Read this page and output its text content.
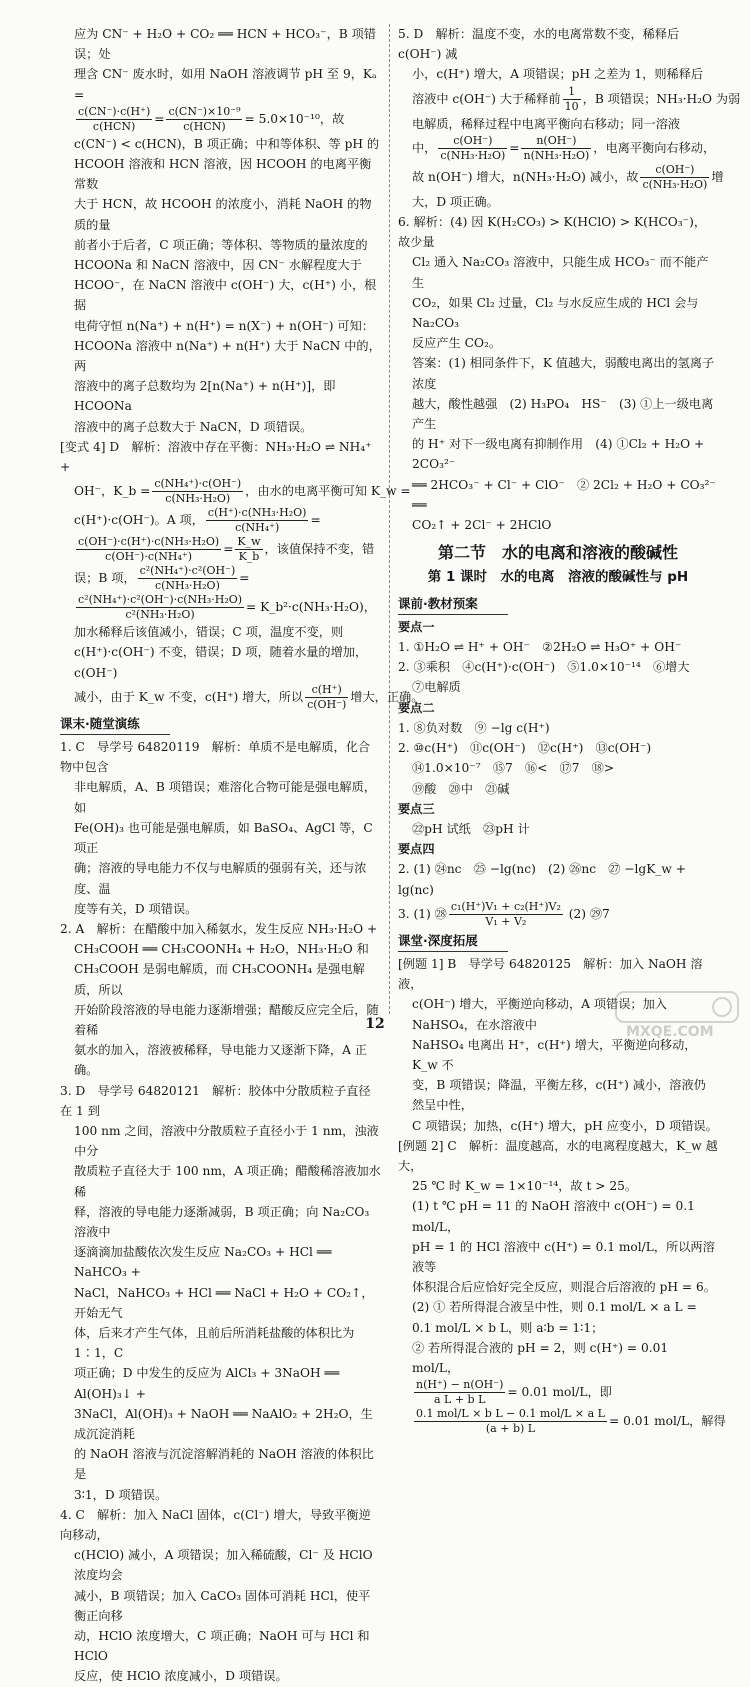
应为 CN⁻ + H₂O + CO₂ ══ HCN + HCO₃⁻，B 项错误；处

理含 CN⁻ 废水时，如用 NaOH 溶液调节 pH 至 9，Kₐ =

$\frac{c(CN^-)\cdot c(H^+)}{\text{c(HCN)}} = \frac{\text{c(CN⁻)×10⁻⁹}}{\text{c(HCN)}} = 5.0\times 10^{-10}$，故

c(CN⁻) < c(HCN)，B 项正确；中和等体积、等 pH 的

HCOOH 溶液和 HCN 溶液，因 HCOOH 的电离平衡常数

大于 HCN，故 HCOOH 的浓度小，消耗 NaOH 的物质的量

前者小于后者，C 项正确；等体积、等物质的量浓度的

HCOONa 和 NaCN 溶液中，因 CN⁻ 水解程度大于

HCOO⁻，在 NaCN 溶液中 c(OH⁻) 大，c(H⁺) 小，根据

电荷守恒 n(Na⁺) + n(H⁺) = n(X⁻) + n(OH⁻) 可知：

HCOONa 溶液中 n(Na⁺) + n(H⁺) 大于 NaCN 中的，两

溶液中的离子总数均为 2[n(Na⁺) + n(H⁺)]，即 HCOONa

溶液中的离子总数大于 NaCN，D 项错误。

[变式 4] D　解析：溶液中存在平衡：NH₃·H₂O ⇌ NH₄⁺ +

OH⁻，K_b = $\frac{\text{c(NH₄⁺)·c(OH⁻)}}{\text{c(NH₃·H₂O)}}$ ，由水的电离平衡可知 K_w =

c(H⁺)·c(OH⁻)。A 项， $\frac{\text{c(H⁺)·c(NH₃·H₂O)}}{\text{c(NH₄⁺)}}$ =

$\frac{\text{c(OH⁻)·c(H⁺)·c(NH₃·H₂O)}}{\text{c(OH⁻)·c(NH₄⁺)}} = \frac{K\_w}{K\_b}$ ，该值保持不变，错

误；B 项， $\frac{\text{c²(NH₄⁺)·c²(OH⁻)}}{\text{c(NH₃·H₂O)}}$ =

$\frac{\text{c²(NH₄⁺)·c²(OH⁻)·c(NH₃·H₂O)}}{\text{c²(NH₃·H₂O)}}$ = K_b²·c(NH₃·H₂O)，

加水稀释后该值减小，错误；C 项，温度不变，则

c(H⁺)·c(OH⁻) 不变，错误；D 项，随着水量的增加，c(OH⁻)

减小，由于 K_w 不变，c(H⁺) 增大，所以 $\frac{c(H^+)}{c(OH^-)}$ 增大，正确。

课末·随堂演练

1. C　导学号 64820119　解析：单质不是电解质，化合物中包含

非电解质，A、B 项错误；难溶化合物可能是强电解质，如

Fe(OH)₃ 也可能是强电解质，如 BaSO₄、AgCl 等，C 项正

确；溶液的导电能力不仅与电解质的强弱有关，还与浓度、温

度等有关，D 项错误。

2. A　解析：在醋酸中加入稀氨水，发生反应 NH₃·H₂O +

CH₃COOH ══ CH₃COONH₄ + H₂O，NH₃·H₂O 和

CH₃COOH 是弱电解质，而 CH₃COONH₄ 是强电解质，所以

开始阶段溶液的导电能力逐渐增强；醋酸反应完全后，随着稀

氨水的加入，溶液被稀释，导电能力又逐渐下降，A 正确。

3. D　导学号 64820121　解析：胶体中分散质粒子直径在 1 到

100 nm 之间，溶液中分散质粒子直径小于 1 nm，浊液中分

散质粒子直径大于 100 nm，A 项正确；醋酸稀溶液加水稀

释，溶液的导电能力逐渐减弱，B 项正确；向 Na₂CO₃ 溶液中

逐滴滴加盐酸依次发生反应 Na₂CO₃ + HCl ══ NaHCO₃ +

NaCl，NaHCO₃ + HCl ══ NaCl + H₂O + CO₂↑，开始无气

体，后来才产生气体，且前后所消耗盐酸的体积比为 1∶1，C

项正确；D 中发生的反应为 AlCl₃ + 3NaOH ══ Al(OH)₃↓ +

3NaCl，Al(OH)₃ + NaOH ══ NaAlO₂ + 2H₂O，生成沉淀消耗

的 NaOH 溶液与沉淀溶解消耗的 NaOH 溶液的体积比是

3∶1，D 项错误。

4. C　解析：加入 NaCl 固体，c(Cl⁻) 增大，导致平衡逆向移动，

c(HClO) 减小，A 项错误；加入稀硫酸，Cl⁻ 及 HClO 浓度均会

减小，B 项错误；加入 CaCO₃ 固体可消耗 HCl，使平衡正向移

动，HClO 浓度增大，C 项正确；NaOH 可与 HCl 和 HClO

反应，使 HClO 浓度减小，D 项错误。

5. D　解析：温度不变，水的电离常数不变，稀释后 c(OH⁻) 减

小，c(H⁺) 增大，A 项错误；pH 之差为 1，则稀释后

溶液中 c(OH⁻) 大于稀释前 $\frac{1}{10}$ ，B 项错误；NH₃·H₂O 为弱

电解质，稀释过程中电离平衡向右移动；同一溶液

中， $\frac{c(OH^-)}{\text{c(NH₃·H₂O)}} = \frac{n(OH^-)}{\text{n(NH₃·H₂O)}}$ ，电离平衡向右移动，

故 n(OH⁻) 增大，n(NH₃·H₂O) 减小，故 $\frac{c(OH^-)}{\text{c(NH₃·H₂O)}}$ 增

大，D 项正确。

6. 解析：(4) 因 K(H₂CO₃) > K(HClO) > K(HCO₃⁻)，故少量

Cl₂ 通入 Na₂CO₃ 溶液中，只能生成 HCO₃⁻ 而不能产生

CO₂，如果 Cl₂ 过量，Cl₂ 与水反应生成的 HCl 会与 Na₂CO₃

反应产生 CO₂。

答案：(1) 相同条件下，K 值越大，弱酸电离出的氢离子浓度

越大，酸性越强　(2) H₃PO₄　HS⁻　(3) ①上一级电离产生

的 H⁺ 对下一级电离有抑制作用　(4) ①Cl₂ + H₂O + 2CO₃²⁻

══ 2HCO₃⁻ + Cl⁻ + ClO⁻　② 2Cl₂ + H₂O + CO₃²⁻ ══

CO₂↑ + 2Cl⁻ + 2HClO

第二节　水的电离和溶液的酸碱性
第 1 课时　水的电离　溶液的酸碱性与 pH
课前·教材预案

要点一

1. ①H₂O ⇌ H⁺ + OH⁻　②2H₂O ⇌ H₃O⁺ + OH⁻

2. ③乘积　④c(H⁺)·c(OH⁻)　⑤1.0×10⁻¹⁴　⑥增大

⑦电解质

要点二

1. ⑧负对数　⑨ −lg c(H⁺)

2. ⑩c(H⁺)　⑪c(OH⁻)　⑫c(H⁺)　⑬c(OH⁻)

⑭1.0×10⁻⁷　⑮7　⑯<　⑰7　⑱>

⑲酸　⑳中　㉑碱

要点三

㉒pH 试纸　㉓pH 计

要点四

2. (1) ㉔nc　㉕ −lg(nc)　(2) ㉖nc　㉗ −lgK_w + lg(nc)

3. (1) ㉘ $\frac{\text{c₁(H⁺)V₁ + c₂(H⁺)V₂}}{\text{V₁ + V₂}} (2)$ ㉙7

课堂·深度拓展

[例题 1] B　导学号 64820125　解析：加入 NaOH 溶液，

c(OH⁻) 增大，平衡逆向移动，A 项错误；加入 NaHSO₄，在水溶液中

NaHSO₄ 电离出 H⁺，c(H⁺) 增大，平衡逆向移动，K_w 不

变，B 项错误；降温，平衡左移，c(H⁺) 减小，溶液仍然呈中性，

C 项错误；加热，c(H⁺) 增大，pH 应变小，D 项错误。

[例题 2] C　解析：温度越高，水的电离程度越大，K_w 越大，

25 ℃ 时 K_w = 1×10⁻¹⁴，故 t > 25。

(1) t ℃ pH = 11 的 NaOH 溶液中 c(OH⁻) = 0.1 mol/L，

pH = 1 的 HCl 溶液中 c(H⁺) = 0.1 mol/L，所以两溶液等

体积混合后应恰好完全反应，则混合后溶液的 pH = 6。

(2) ① 若所得混合液呈中性，则 0.1 mol/L × a L =

0.1 mol/L × b L，则 a∶b = 1∶1；

② 若所得混合液的 pH = 2，则 c(H⁺) = 0.01 mol/L，

$\frac{n(H^+) - n(OH^-)}{\text{a L + b L}} = 0.01$ mol/L，即

$\frac{\text{0.1 mol/L × b L − 0.1 mol/L × a L}}{(a + b) L} = 0.01$ mol/L，解得

12	MXQE.COM
